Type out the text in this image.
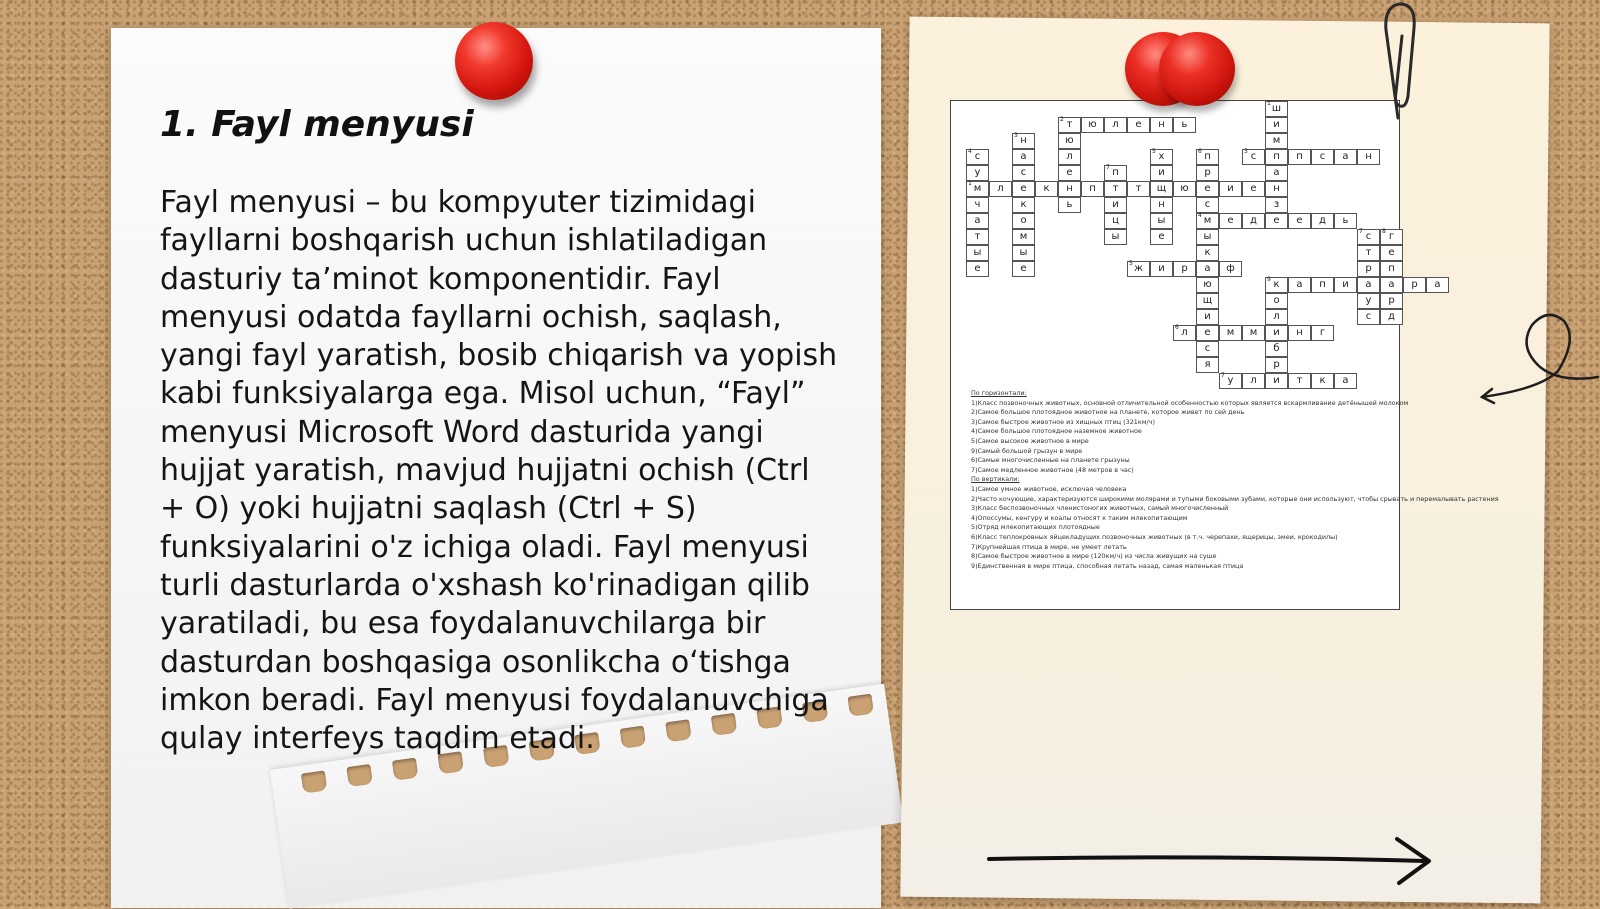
1. Fayl menyusi

Fayl menyusi – bu kompyuter tizimidagi fayllarni boshqarish uchun ishlatiladigan dasturiy ta’minot komponentidir. Fayl menyusi odatda fayllarni ochish, saqlash, yangi fayl yaratish, bosib chiqarish va yopish kabi funksiyalarga ega. Misol uchun, “Fayl” menyusi Microsoft Word dasturida yangi hujjat yaratish, mavjud hujjatni ochish (Ctrl + O) yoki hujjatni saqlash (Ctrl + S) funksiyalarini o'z ichiga oladi. Fayl menyusi turli dasturlarda o'xshash ko'rinadigan qilib yaratiladi, bu esa foydalanuvchilarga bir dasturdan boshqasiga osonlikcha o‘tishga imkon beradi. Fayl menyusi foydalanuvchiga qulay interfeys taqdim etadi.

1 ш
и
м
п
а
н
з
е
2 т	ю	л	е	н	ь
ю
л
е
н
ь
3 н
а
с
е
к
о
м
ы
е
4 с
у
1 м
ч
а
т
ы
е
5 х
и
щ
н
ы
е
6 п
р
е
с
4 м
ы
к
а
ю
щ
и
е
с
я
3 с	п	с	а	н
7 п
т
и
ц
ы
л	к	п	т	ю	и	е
е	д	е	д	ь
8 г
е
п
а
р
д
7 с
т
р
а
у
с
5 ж	и	р	ф
9 к
о
л
и
б
р
и
а	п	и	р	а
6 л	м	м	н	г
7 у	л	т	к	а
По горизонтали:
1)Класс позвоночных животных, основной отличительной особенностью которых является вскармливание детёнышей молоком
2)Самое большое плотоядное животное на планете, которое живет по сей день
3)Самое быстрое животное из хищных птиц (321км/ч)
4)Самое большое плотоядное наземное животное
5)Самое высокое животное в мире
9)Самый большой грызун в мире
6)Самые многочисленные на планете грызуны
7)Самое медленное животное (48 метров в час)
По вертикали:
1)Самое умное животное, исключая человека
2)Часто кочующие, характеризуются широкими молярами и тупыми боковыми зубами, которые они используют, чтобы срывать и перемалывать растения
3)Класс беспозвоночных членистоногих животных, самый многочисленный
4)Опоссумы, кенгуру и коалы относят к таким млекопитающим
5)Отряд млекопитающих плотоядные
6)Класс теплокровных яйцекладущих позвоночных животных (в т.ч. черепахи, ящерицы, змеи, крокодилы)
7)Крупнейшая птица в мире, не умеет летать
8)Самое быстрое животное в мире (120км/ч) из числа живущих на суше
9)Единственная в мире птица, способная летать назад, самая маленькая птица
